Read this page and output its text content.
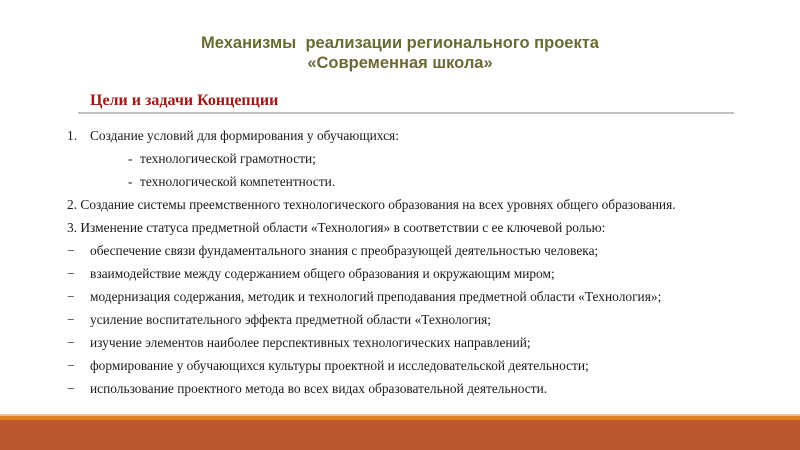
Механизмы  реализации регионального проекта
«Современная школа»
Цели и задачи Концепции
1. Создание условий для формирования у обучающихся:
- технологической грамотности;
- технологической компетентности.
2. Создание системы преемственного технологического образования на всех уровнях общего образования.
3. Изменение статуса предметной области «Технология» в соответствии с ее ключевой ролью:
− обеспечение связи фундаментального знания с преобразующей деятельностью человека;
− взаимодействие между содержанием общего образования и окружающим миром;
− модернизация содержания, методик и технологий преподавания предметной области «Технология»;
− усиление воспитательного эффекта предметной области «Технология;
− изучение элементов наиболее перспективных технологических направлений;
− формирование у обучающихся культуры проектной и исследовательской деятельности;
− использование проектного метода во всех видах образовательной деятельности.
